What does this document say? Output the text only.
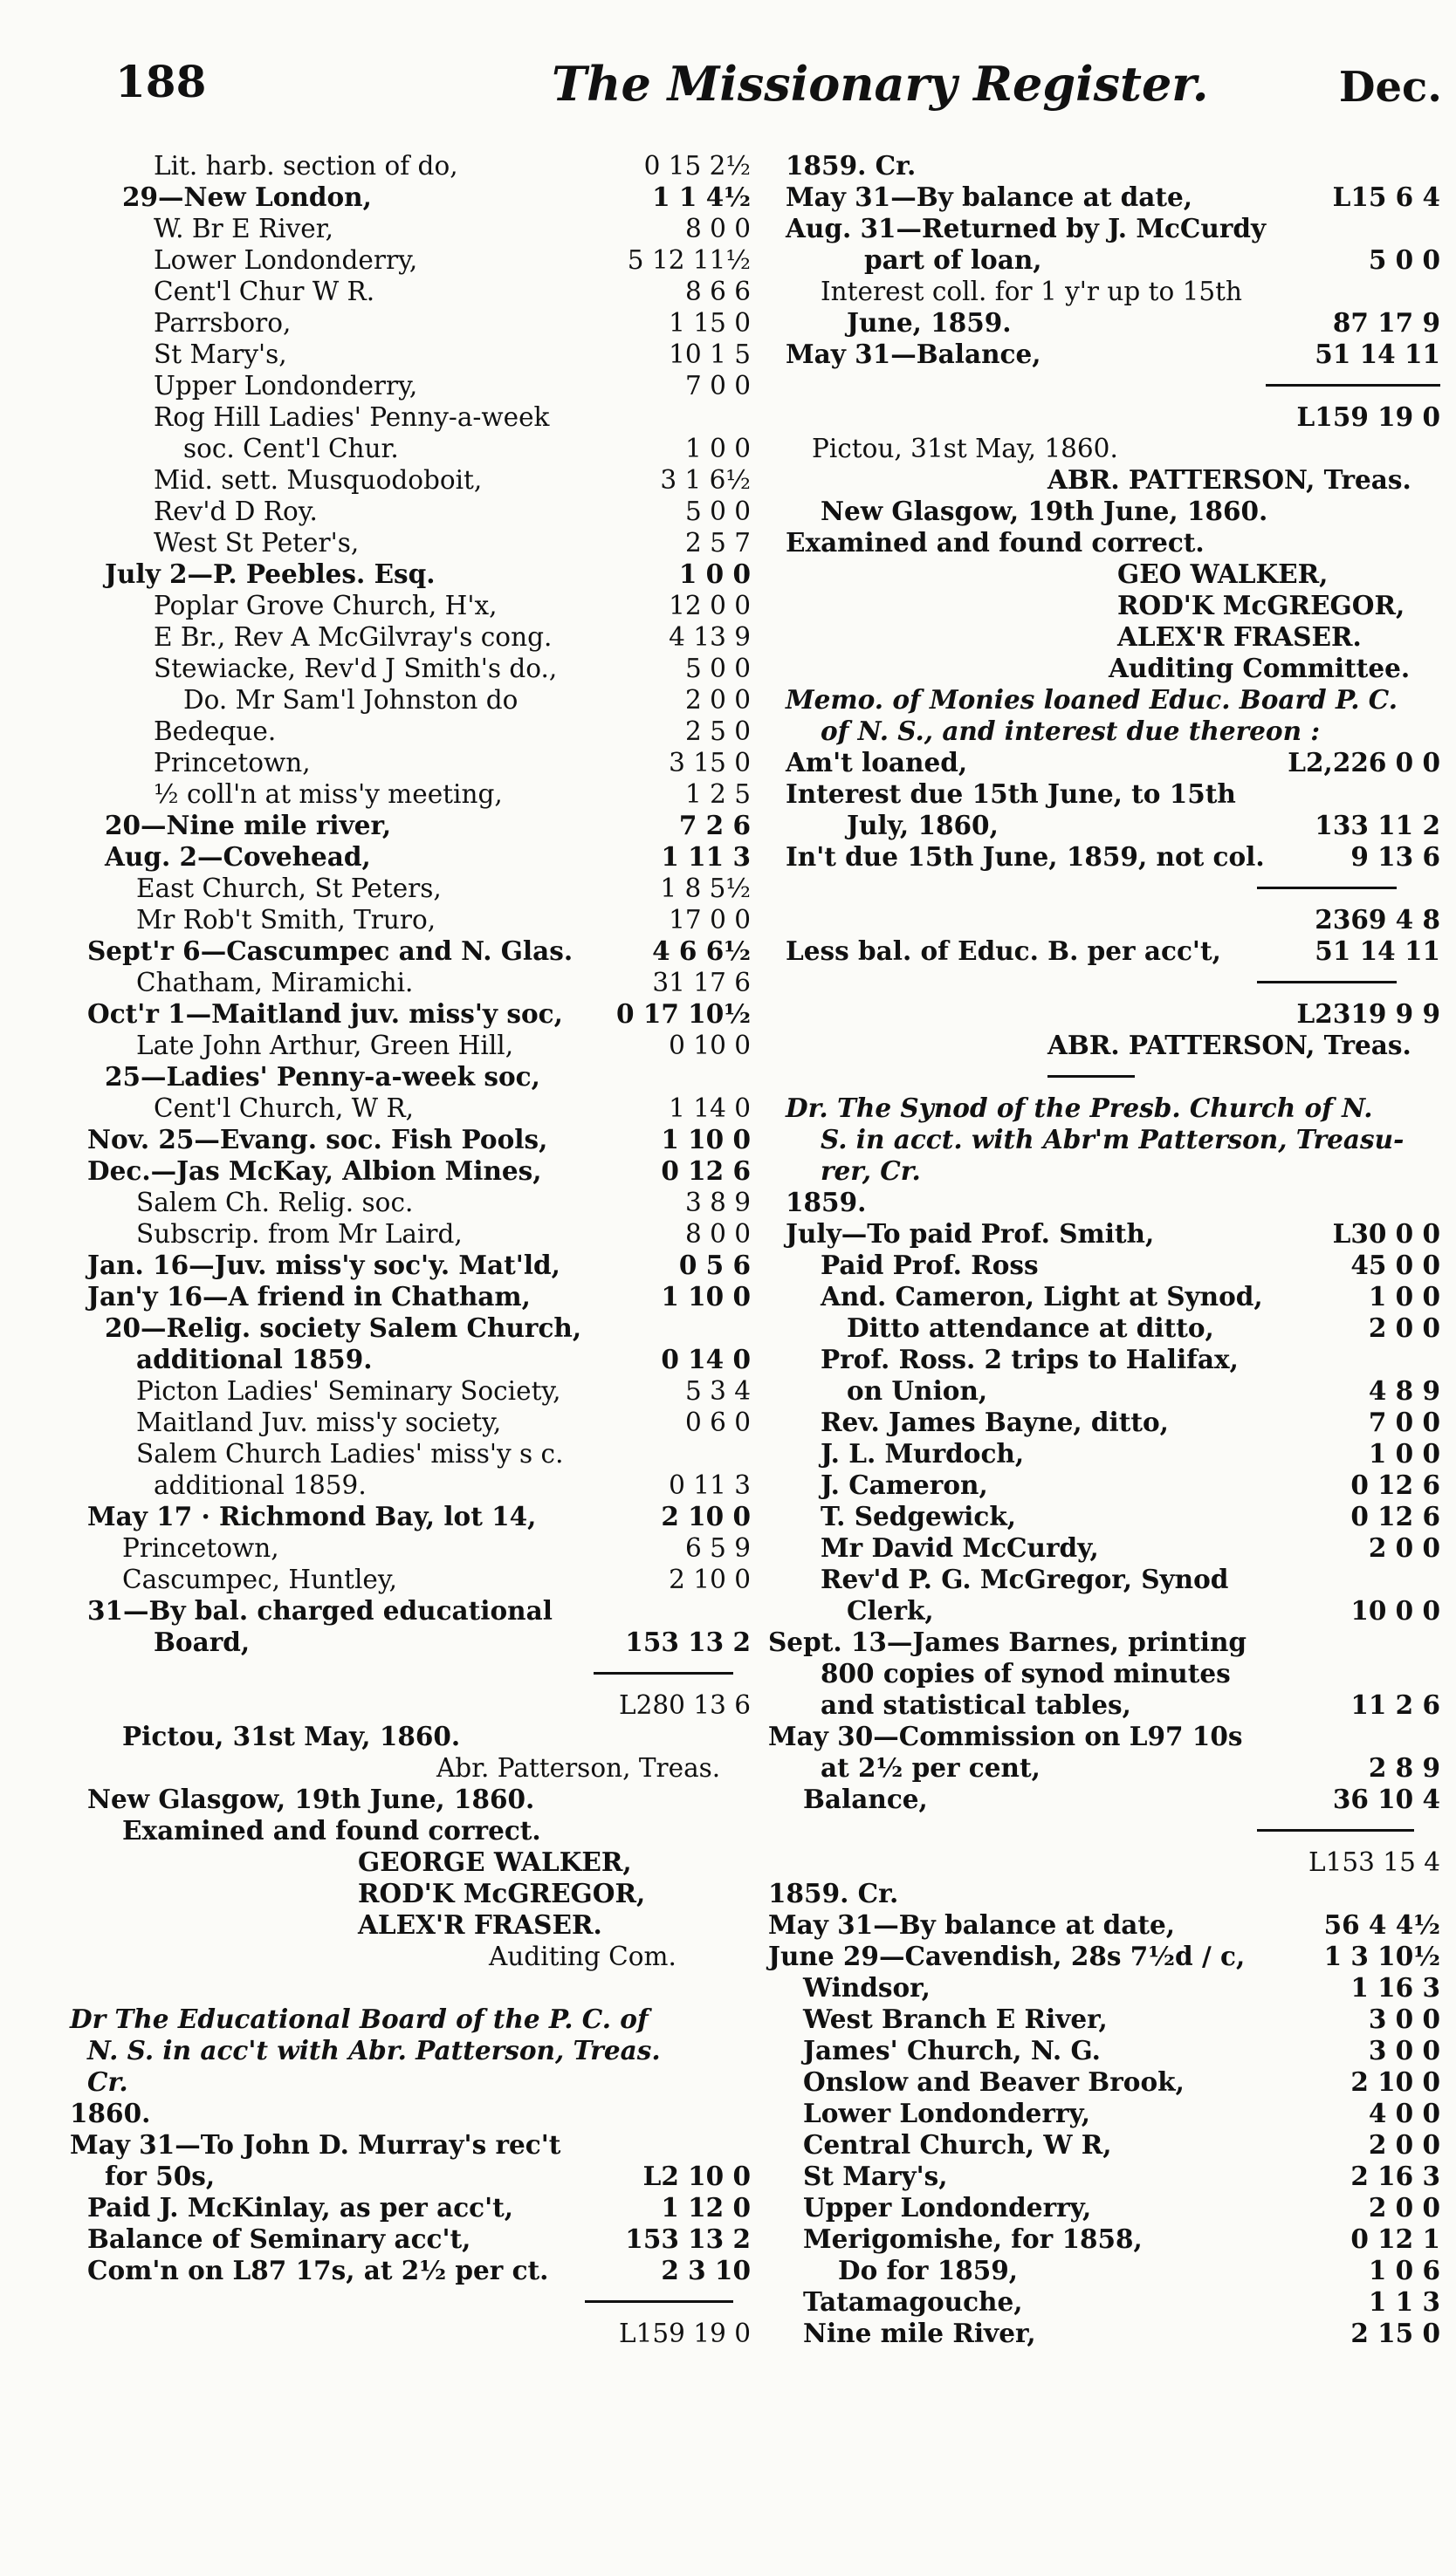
188	The Missionary Register.	Dec.
Lit. harb. section of do,	0 15 2½
29—New London,	1 1 4½
W. Br E River,	8 0 0
Lower Londonderry,	5 12 11½
Cent'l Chur W R.	8 6 6
Parrsboro,	1 15 0
St Mary's,	10 1 5
Upper Londonderry,	7 0 0
Rog Hill Ladies' Penny-a-week
soc. Cent'l Chur.	1 0 0
Mid. sett. Musquodoboit,	3 1 6½
Rev'd D Roy.	5 0 0
West St Peter's,	2 5 7
July 2—P. Peebles. Esq.	1 0 0
Poplar Grove Church, H'x,	12 0 0
E Br., Rev A McGilvray's cong.	4 13 9
Stewiacke, Rev'd J Smith's do.,	5 0 0
Do. Mr Sam'l Johnston do	2 0 0
Bedeque.	2 5 0
Princetown,	3 15 0
½ coll'n at miss'y meeting,	1 2 5
20—Nine mile river,	7 2 6
Aug. 2—Covehead,	1 11 3
East Church, St Peters,	1 8 5½
Mr Rob't Smith, Truro,	17 0 0
Sept'r 6—Cascumpec and N. Glas.	4 6 6½
Chatham, Miramichi.	31 17 6
Oct'r 1—Maitland juv. miss'y soc,	0 17 10½
Late John Arthur, Green Hill,	0 10 0
25—Ladies' Penny-a-week soc,
Cent'l Church, W R,	1 14 0
Nov. 25—Evang. soc. Fish Pools,	1 10 0
Dec.—Jas McKay, Albion Mines,	0 12 6
Salem Ch. Relig. soc.	3 8 9
Subscrip. from Mr Laird,	8 0 0
Jan. 16—Juv. miss'y soc'y. Mat'ld,	0 5 6
Jan'y 16—A friend in Chatham,	1 10 0
20—Relig. society Salem Church,
additional 1859.	0 14 0
Picton Ladies' Seminary Society,	5 3 4
Maitland Juv. miss'y society,	0 6 0
Salem Church Ladies' miss'y s c.
additional 1859.	0 11 3
May 17 · Richmond Bay, lot 14,	2 10 0
Princetown,	6 5 9
Cascumpec, Huntley,	2 10 0
31—By bal. charged educational
Board,	153 13 2
L280 13 6
Pictou, 31st May, 1860.
Abr. Patterson, Treas.
New Glasgow, 19th June, 1860.
Examined and found correct.
GEORGE WALKER,
ROD'K McGREGOR,
ALEX'R FRASER.
Auditing Com.
Dr The Educational Board of the P. C. of
N. S. in acc't with Abr. Patterson, Treas.
Cr.
1860.
May 31—To John D. Murray's rec't
for 50s,	L2 10 0
Paid J. McKinlay, as per acc't,	1 12 0
Balance of Seminary acc't,	153 13 2
Com'n on L87 17s, at 2½ per ct.	2 3 10
L159 19 0
1859. Cr.
May 31—By balance at date,	L15 6 4
Aug. 31—Returned by J. McCurdy
part of loan,	5 0 0
Interest coll. for 1 y'r up to 15th
June, 1859.	87 17 9
May 31—Balance,	51 14 11
L159 19 0
Pictou, 31st May, 1860.
ABR. PATTERSON, Treas.
New Glasgow, 19th June, 1860.
Examined and found correct.
GEO WALKER,
ROD'K McGREGOR,
ALEX'R FRASER.
Auditing Committee.
Memo. of Monies loaned Educ. Board P. C.
of N. S., and interest due thereon :
Am't loaned,	L2,226 0 0
Interest due 15th June, to 15th
July, 1860,	133 11 2
In't due 15th June, 1859, not col.	9 13 6
2369 4 8
Less bal. of Educ. B. per acc't,	51 14 11
L2319 9 9
ABR. PATTERSON, Treas.
Dr. The Synod of the Presb. Church of N.
S. in acct. with Abr'm Patterson, Treasu-
rer, Cr.
1859.
July—To paid Prof. Smith,	L30 0 0
Paid Prof. Ross	45 0 0
And. Cameron, Light at Synod,	1 0 0
Ditto attendance at ditto,	2 0 0
Prof. Ross. 2 trips to Halifax,
on Union,	4 8 9
Rev. James Bayne, ditto,	7 0 0
J. L. Murdoch,	1 0 0
J. Cameron,	0 12 6
T. Sedgewick,	0 12 6
Mr David McCurdy,	2 0 0
Rev'd P. G. McGregor, Synod
Clerk,	10 0 0
Sept. 13—James Barnes, printing
800 copies of synod minutes
and statistical tables,	11 2 6
May 30—Commission on L97 10s
at 2½ per cent,	2 8 9
Balance,	36 10 4
L153 15 4
1859. Cr.
May 31—By balance at date,	56 4 4½
June 29—Cavendish, 28s 7½d / c,	1 3 10½
Windsor,	1 16 3
West Branch E River,	3 0 0
James' Church, N. G.	3 0 0
Onslow and Beaver Brook,	2 10 0
Lower Londonderry,	4 0 0
Central Church, W R,	2 0 0
St Mary's,	2 16 3
Upper Londonderry,	2 0 0
Merigomishe, for 1858,	0 12 1
Do for 1859,	1 0 6
Tatamagouche,	1 1 3
Nine mile River,	2 15 0
